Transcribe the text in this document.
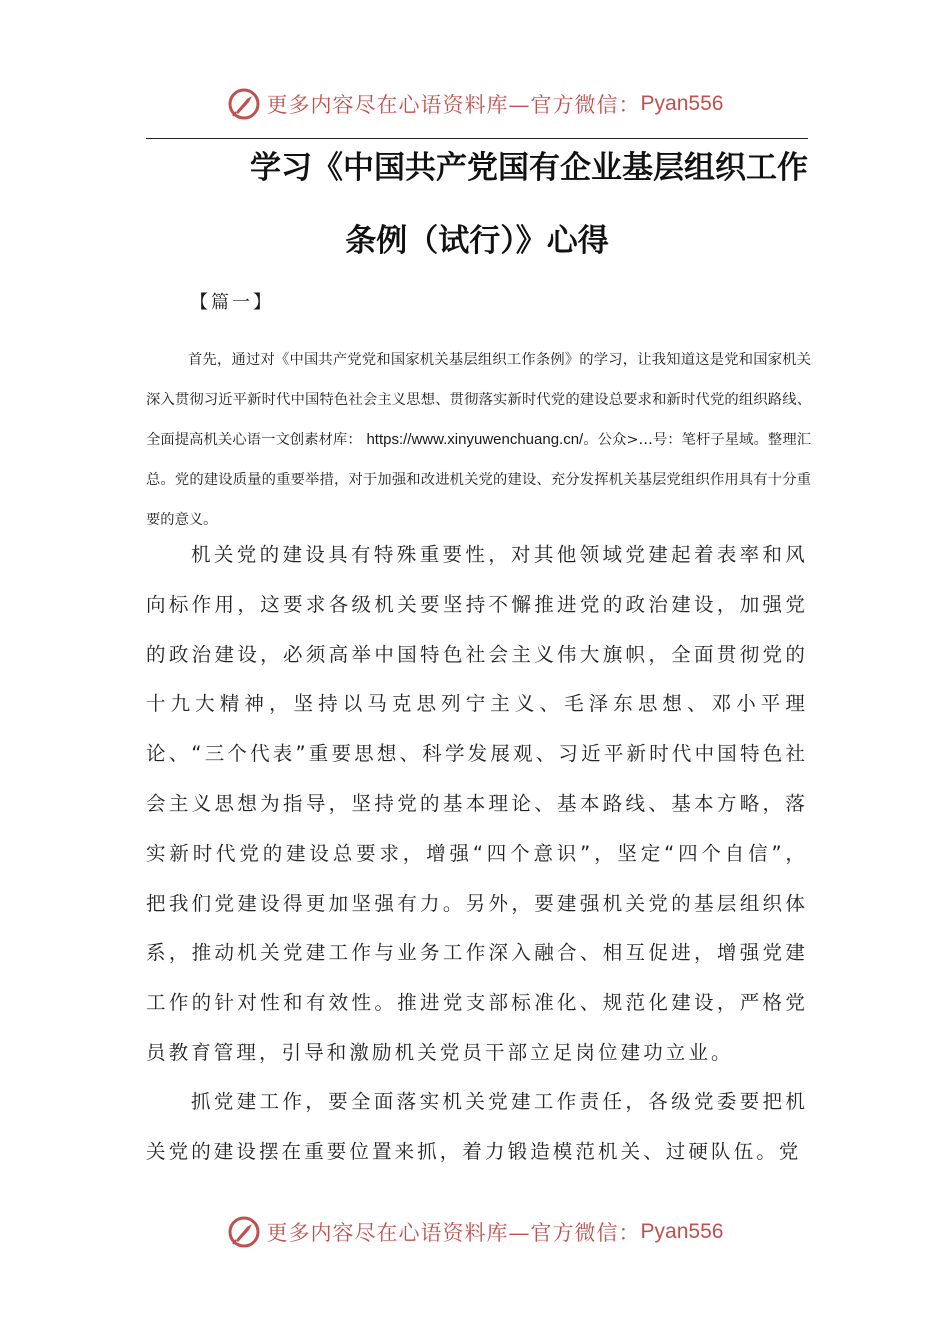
更多内容尽在心语资料库—官方微信： Pyan556
学习《中国共产党国有企业基层组织工作
条例（试行）》心得
【篇一】
首先，通过对《中国共产党党和国家机关基层组织工作条例》的学习，让我知道这是党和国家机关深入贯彻习近平新时代中国特色社会主义思想、贯彻落实新时代党的建设总要求和新时代党的组织路线、全面提高机关心语一文创素材库： https://www.xinyuwenchuang.cn/。公众>…号：笔杆子星域。整理汇总。党的建设质量的重要举措，对于加强和改进机关党的建设、充分发挥机关基层党组织作用具有十分重要的意义。
机关党的建设具有特殊重要性，对其他领域党建起着表率和风向标作用，这要求各级机关要坚持不懈推进党的政治建设，加强党的政治建设，必须高举中国特色社会主义伟大旗帜，全面贯彻党的十九大精神，坚持以马克思列宁主义、毛泽东思想、邓小平理论、“三个代表”重要思想、科学发展观、习近平新时代中国特色社会主义思想为指导，坚持党的基本理论、基本路线、基本方略，落实新时代党的建设总要求，增强“四个意识”，坚定“四个自信”，把我们党建设得更加坚强有力。另外，要建强机关党的基层组织体系，推动机关党建工作与业务工作深入融合、相互促进，增强党建工作的针对性和有效性。推进党支部标准化、规范化建设，严格党员教育管理，引导和激励机关党员干部立足岗位建功立业。
抓党建工作，要全面落实机关党建工作责任，各级党委要把机关党的建设摆在重要位置来抓，着力锻造模范机关、过硬队伍。党
更多内容尽在心语资料库—官方微信： Pyan556
